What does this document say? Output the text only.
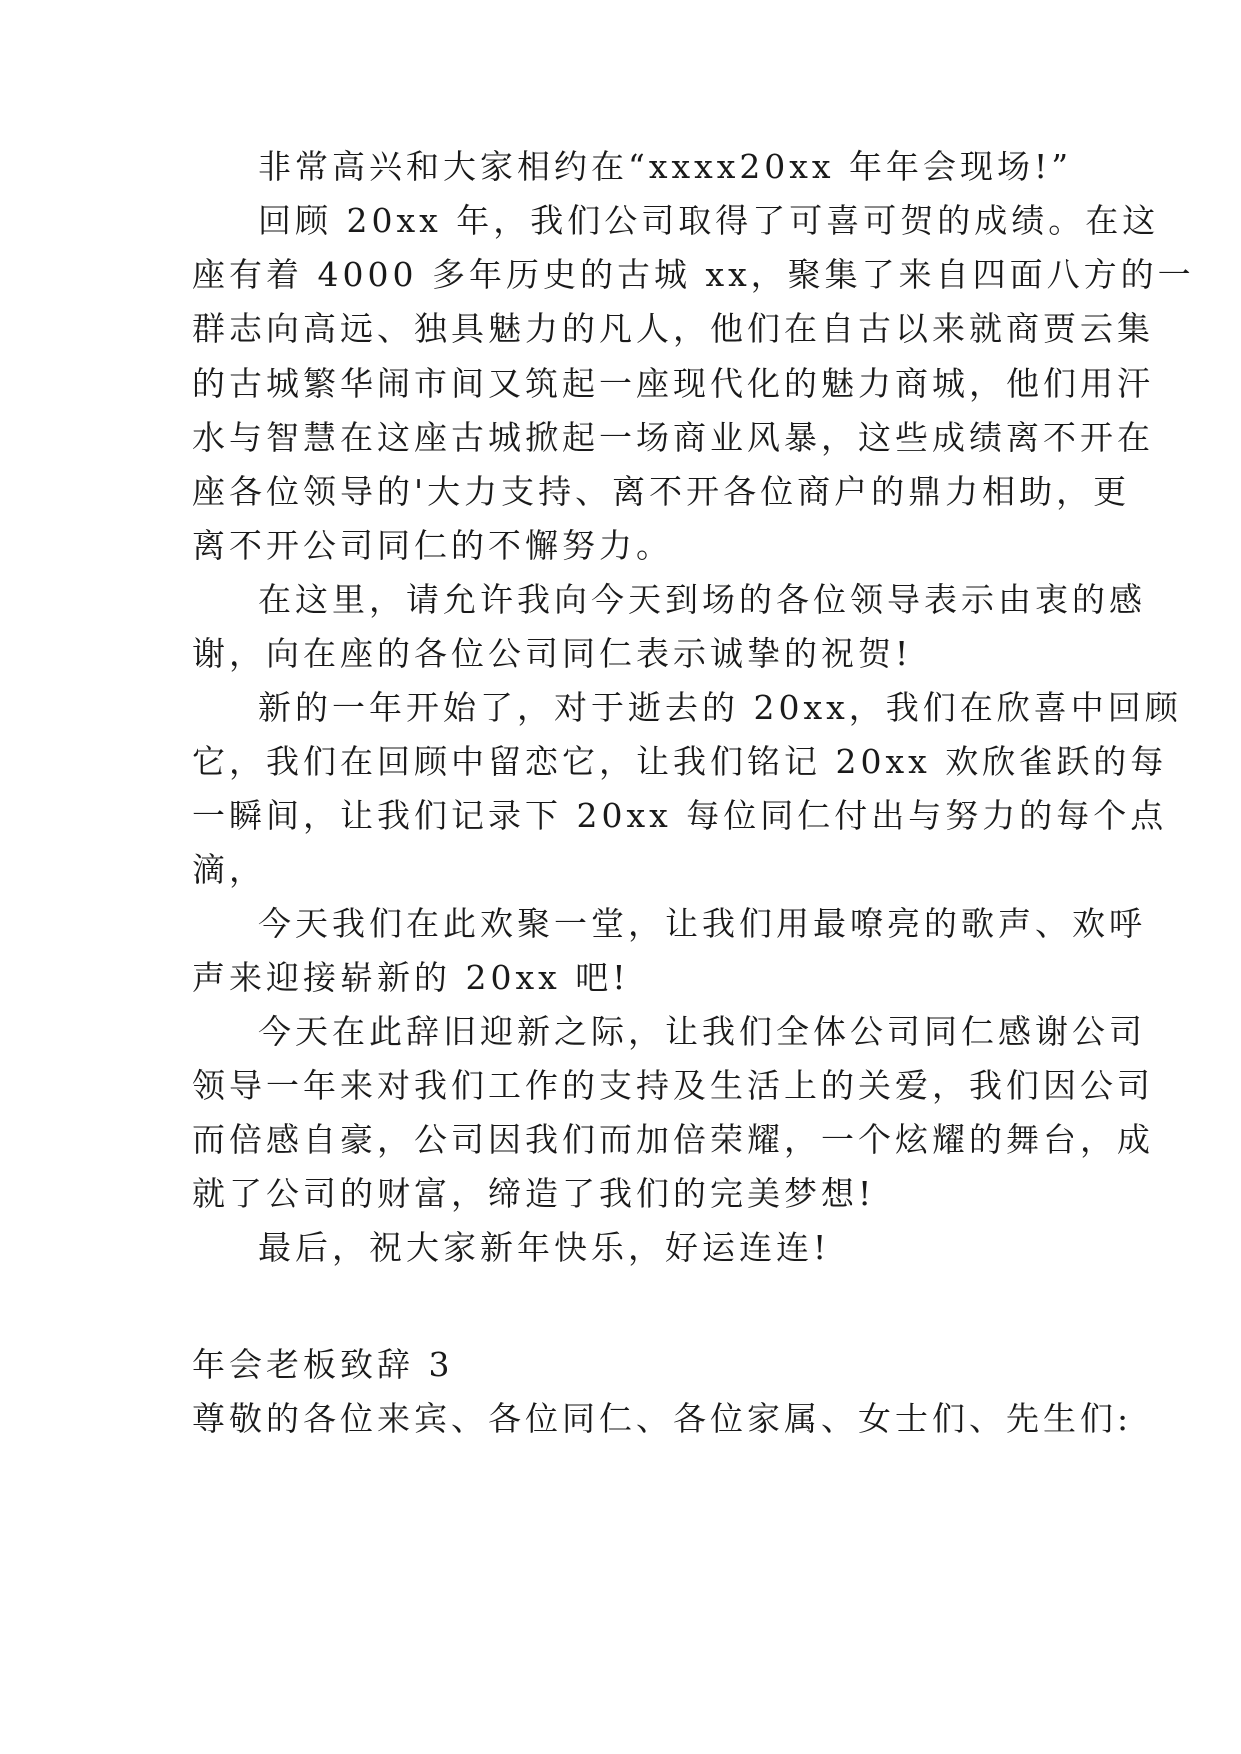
非常高兴和大家相约在“xxxx20xx 年年会现场!”

回顾 20xx 年，我们公司取得了可喜可贺的成绩。在这

座有着 4000 多年历史的古城 xx，聚集了来自四面八方的一

群志向高远、独具魅力的凡人，他们在自古以来就商贾云集

的古城繁华闹市间又筑起一座现代化的魅力商城，他们用汗

水与智慧在这座古城掀起一场商业风暴，这些成绩离不开在

座各位领导的'大力支持、离不开各位商户的鼎力相助，更

离不开公司同仁的不懈努力。

在这里，请允许我向今天到场的各位领导表示由衷的感

谢，向在座的各位公司同仁表示诚挚的祝贺!

新的一年开始了，对于逝去的 20xx，我们在欣喜中回顾

它，我们在回顾中留恋它，让我们铭记 20xx 欢欣雀跃的每

一瞬间，让我们记录下 20xx 每位同仁付出与努力的每个点

滴，

今天我们在此欢聚一堂，让我们用最嘹亮的歌声、欢呼

声来迎接崭新的 20xx 吧!

今天在此辞旧迎新之际，让我们全体公司同仁感谢公司

领导一年来对我们工作的支持及生活上的关爱，我们因公司

而倍感自豪，公司因我们而加倍荣耀，一个炫耀的舞台，成

就了公司的财富，缔造了我们的完美梦想!

最后，祝大家新年快乐，好运连连!

年会老板致辞 3

尊敬的各位来宾、各位同仁、各位家属、女士们、先生们:
